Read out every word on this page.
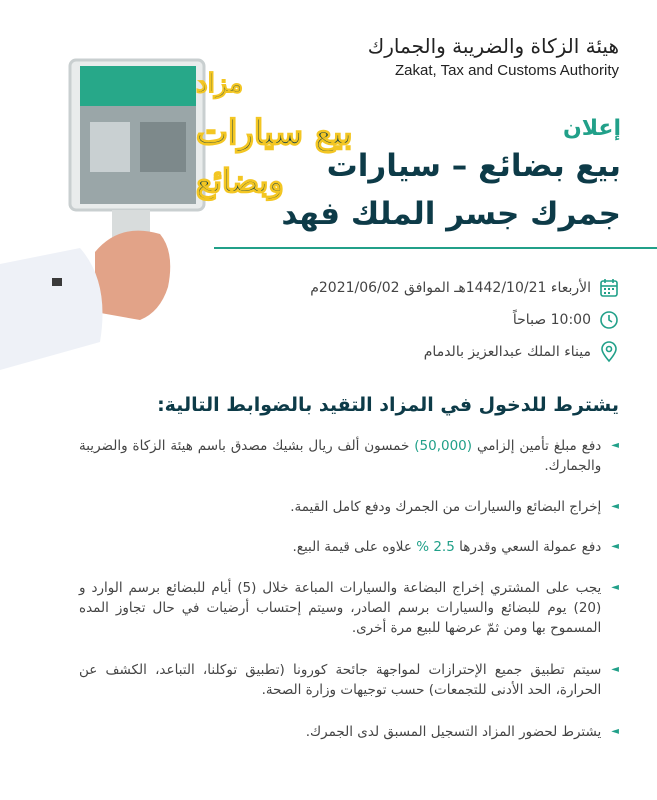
هيئة الزكاة والضريبة والجمارك
Zakat, Tax and Customs Authority
مزاد
بيع سيارات
وبضائع
إعلان
بيع بضائع – سيارات
جمرك جسر الملك فهد
الأربعاء 1442/10/21هـ الموافق 2021/06/02م
10:00 صباحاً
ميناء الملك عبدالعزيز بالدمام
يشترط للدخول في المزاد التقيد بالضوابط التالية:
◄
دفع مبلغ تأمين إلزامي (50,000) خمسون ألف ريال بشيك مصدق باسم هيئة الزكاة والضريبة والجمارك.
◄
إخراج البضائع والسيارات من الجمرك ودفع كامل القيمة.
◄
دفع عمولة السعي وقدرها 2.5 % علاوه على قيمة البيع.
◄
يجب على المشتري إخراج البضاعة والسيارات المباعة خلال (5) أيام للبضائع برسم الوارد و (20) يوم للبضائع والسيارات برسم الصادر، وسيتم إحتساب أرضيات في حال تجاوز المده المسموح بها ومن ثمّ عرضها للبيع مرة أخرى.
◄
سيتم تطبيق جميع الإحترازات لمواجهة جائحة كورونا (تطبيق توكلنا، التباعد، الكشف عن الحرارة، الحد الأدنى للتجمعات) حسب توجيهات وزارة الصحة.
◄
يشترط لحضور المزاد التسجيل المسبق لدى الجمرك.
